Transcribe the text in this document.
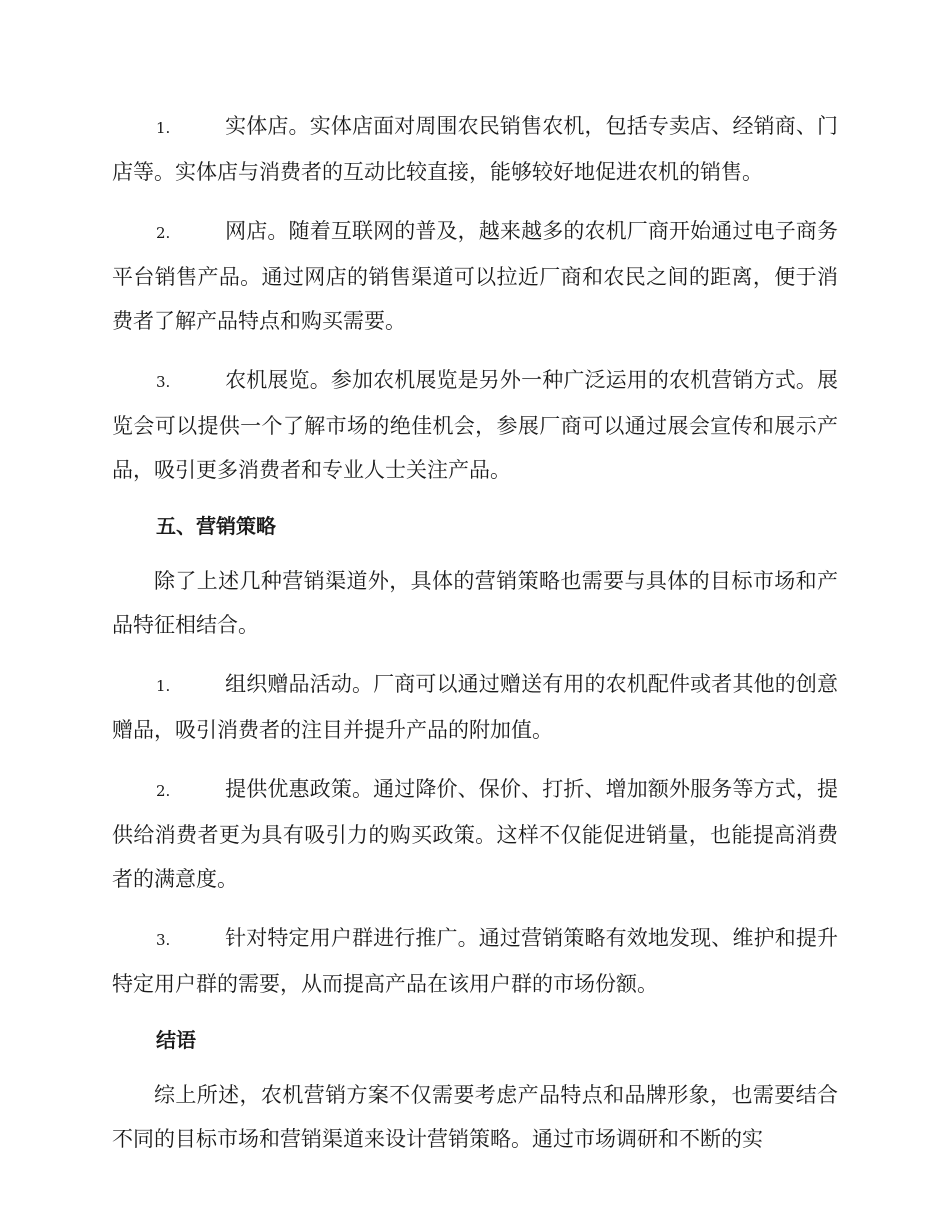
1.	实体店。实体店面对周围农民销售农机，包括专卖店、经销商、门店等。实体店与消费者的互动比较直接，能够较好地促进农机的销售。

2.	网店。随着互联网的普及，越来越多的农机厂商开始通过电子商务平台销售产品。通过网店的销售渠道可以拉近厂商和农民之间的距离，便于消费者了解产品特点和购买需要。

3.	农机展览。参加农机展览是另外一种广泛运用的农机营销方式。展览会可以提供一个了解市场的绝佳机会，参展厂商可以通过展会宣传和展示产品，吸引更多消费者和专业人士关注产品。

五、营销策略

除了上述几种营销渠道外，具体的营销策略也需要与具体的目标市场和产品特征相结合。

1.	组织赠品活动。厂商可以通过赠送有用的农机配件或者其他的创意赠品，吸引消费者的注目并提升产品的附加值。

2.	提供优惠政策。通过降价、保价、打折、增加额外服务等方式，提供给消费者更为具有吸引力的购买政策。这样不仅能促进销量，也能提高消费者的满意度。

3.	针对特定用户群进行推广。通过营销策略有效地发现、维护和提升特定用户群的需要，从而提高产品在该用户群的市场份额。

结语

综上所述，农机营销方案不仅需要考虑产品特点和品牌形象，也需要结合不同的目标市场和营销渠道来设计营销策略。通过市场调研和不断的实
